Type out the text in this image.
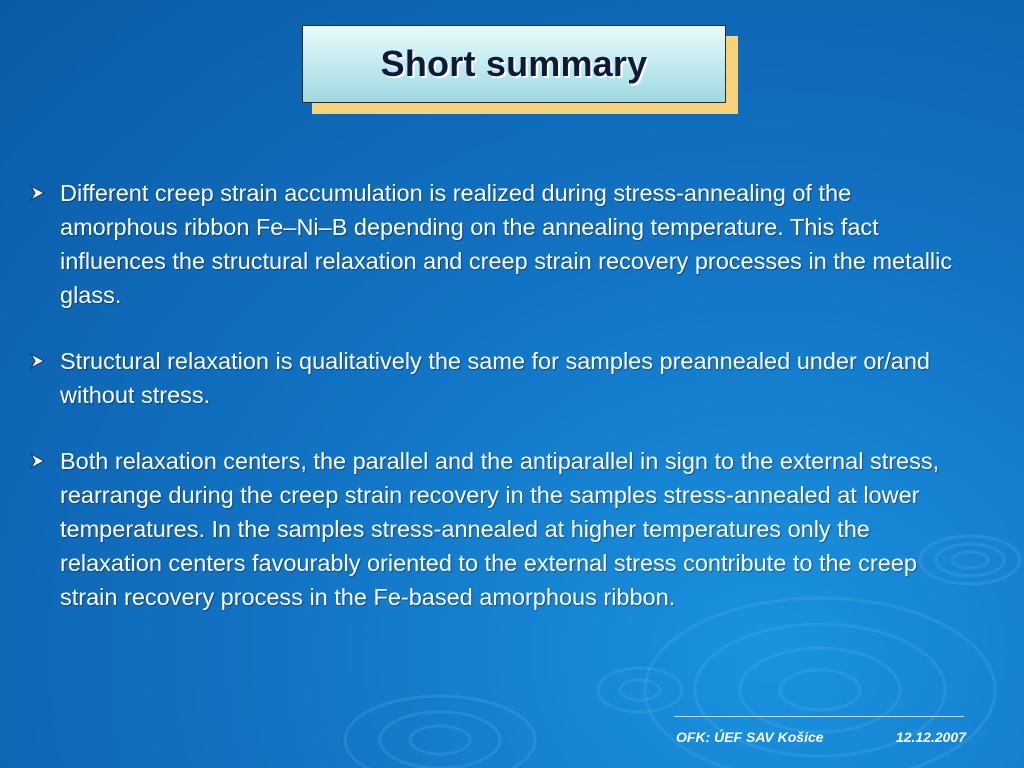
Short summary
Different creep strain accumulation is realized during stress-annealing of the amorphous ribbon Fe–Ni–B depending on the annealing temperature. This fact influences the structural relaxation and creep strain recovery processes in the metallic glass.
Structural relaxation is qualitatively the same for samples preannealed under or/and without stress.
Both relaxation centers, the parallel and the antiparallel in sign to the external stress, rearrange during the creep strain recovery in the samples stress-annealed at lower temperatures. In the samples stress-annealed at higher temperatures only the relaxation centers favourably oriented to the external stress contribute to the creep strain recovery process in the Fe-based amorphous ribbon.
OFK: ÚEF SAV Košice	12.12.2007
